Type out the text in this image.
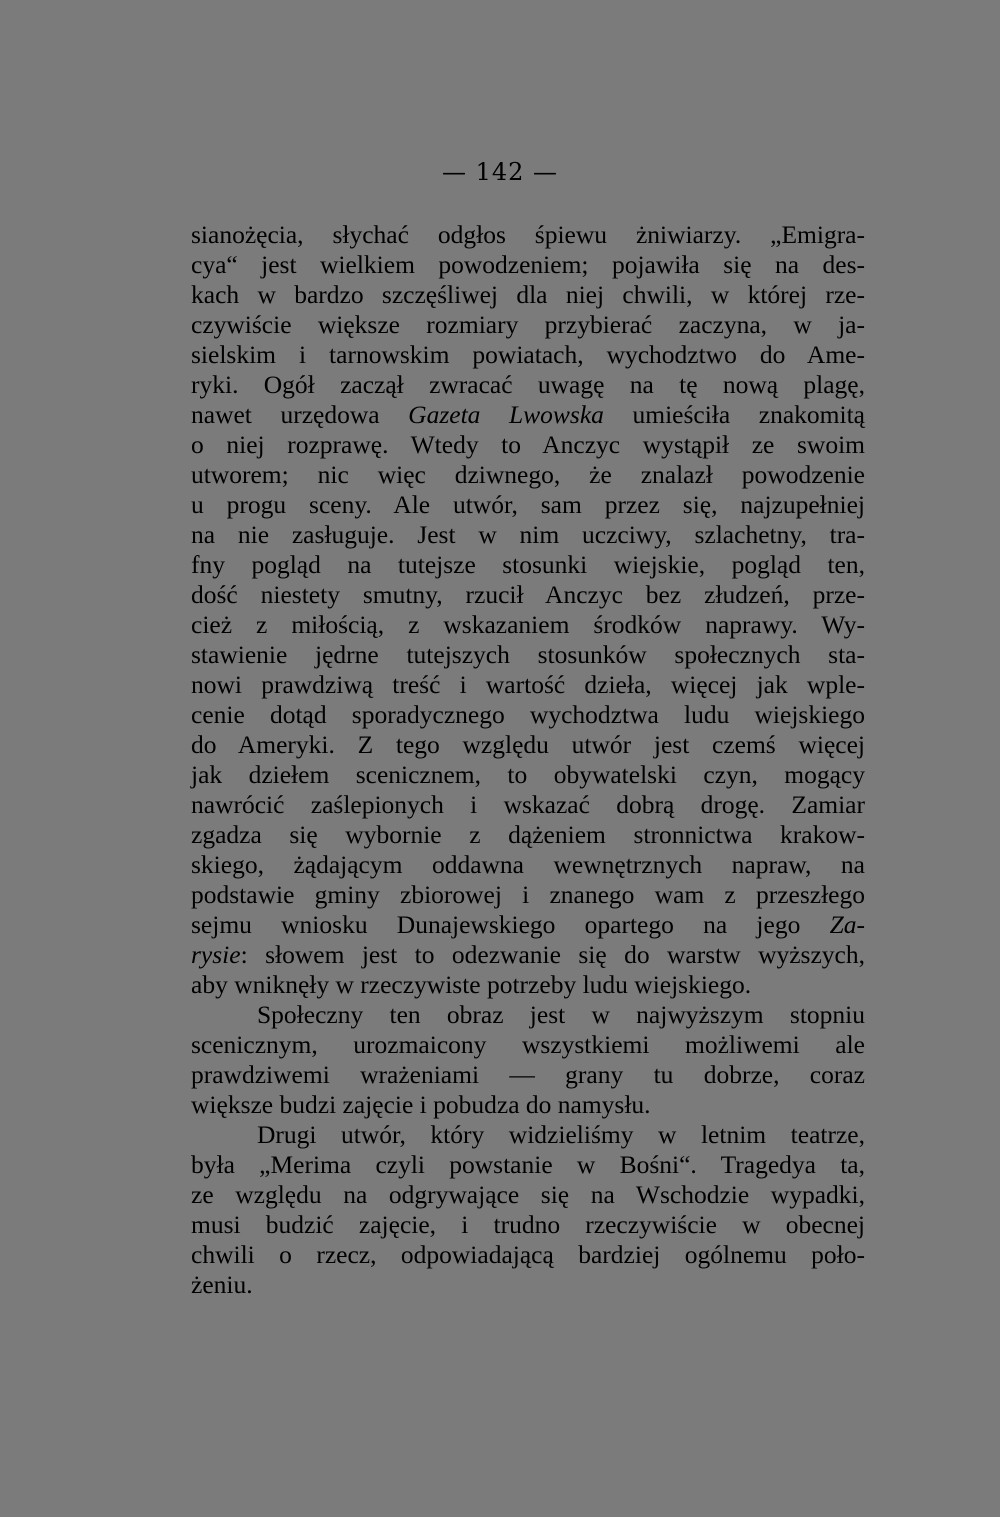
— 142 —
sianożęcia, słychać odgłos śpiewu żniwiarzy. „Emigra-
cya“ jest wielkiem powodzeniem; pojawiła się na des-
kach w bardzo szczęśliwej dla niej chwili, w której rze-
czywiście większe rozmiary przybierać zaczyna, w ja-
sielskim i tarnowskim powiatach, wychodztwo do Ame-
ryki. Ogół zaczął zwracać uwagę na tę nową plagę,
nawet urzędowa Gazeta Lwowska umieściła znakomitą
o niej rozprawę. Wtedy to Anczyc wystąpił ze swoim
utworem; nic więc dziwnego, że znalazł powodzenie
u progu sceny. Ale utwór, sam przez się, najzupełniej
na nie zasługuje. Jest w nim uczciwy, szlachetny, tra-
fny pogląd na tutejsze stosunki wiejskie, pogląd ten,
dość niestety smutny, rzucił Anczyc bez złudzeń, prze-
cież z miłością, z wskazaniem środków naprawy. Wy-
stawienie jędrne tutejszych stosunków społecznych sta-
nowi prawdziwą treść i wartość dzieła, więcej jak wple-
cenie dotąd sporadycznego wychodztwa ludu wiejskiego
do Ameryki. Z tego względu utwór jest czemś więcej
jak dziełem scenicznem, to obywatelski czyn, mogący
nawrócić zaślepionych i wskazać dobrą drogę. Zamiar
zgadza się wybornie z dążeniem stronnictwa krakow-
skiego, żądającym oddawna wewnętrznych napraw, na
podstawie gminy zbiorowej i znanego wam z przeszłego
sejmu wniosku Dunajewskiego opartego na jego Za-
rysie: słowem jest to odezwanie się do warstw wyższych,
aby wniknęły w rzeczywiste potrzeby ludu wiejskiego.
Społeczny ten obraz jest w najwyższym stopniu
scenicznym, urozmaicony wszystkiemi możliwemi ale
prawdziwemi wrażeniami — grany tu dobrze, coraz
większe budzi zajęcie i pobudza do namysłu.
Drugi utwór, który widzieliśmy w letnim teatrze,
była „Merima czyli powstanie w Bośni“. Tragedya ta,
ze względu na odgrywające się na Wschodzie wypadki,
musi budzić zajęcie, i trudno rzeczywiście w obecnej
chwili o rzecz, odpowiadającą bardziej ogólnemu poło-
żeniu.
